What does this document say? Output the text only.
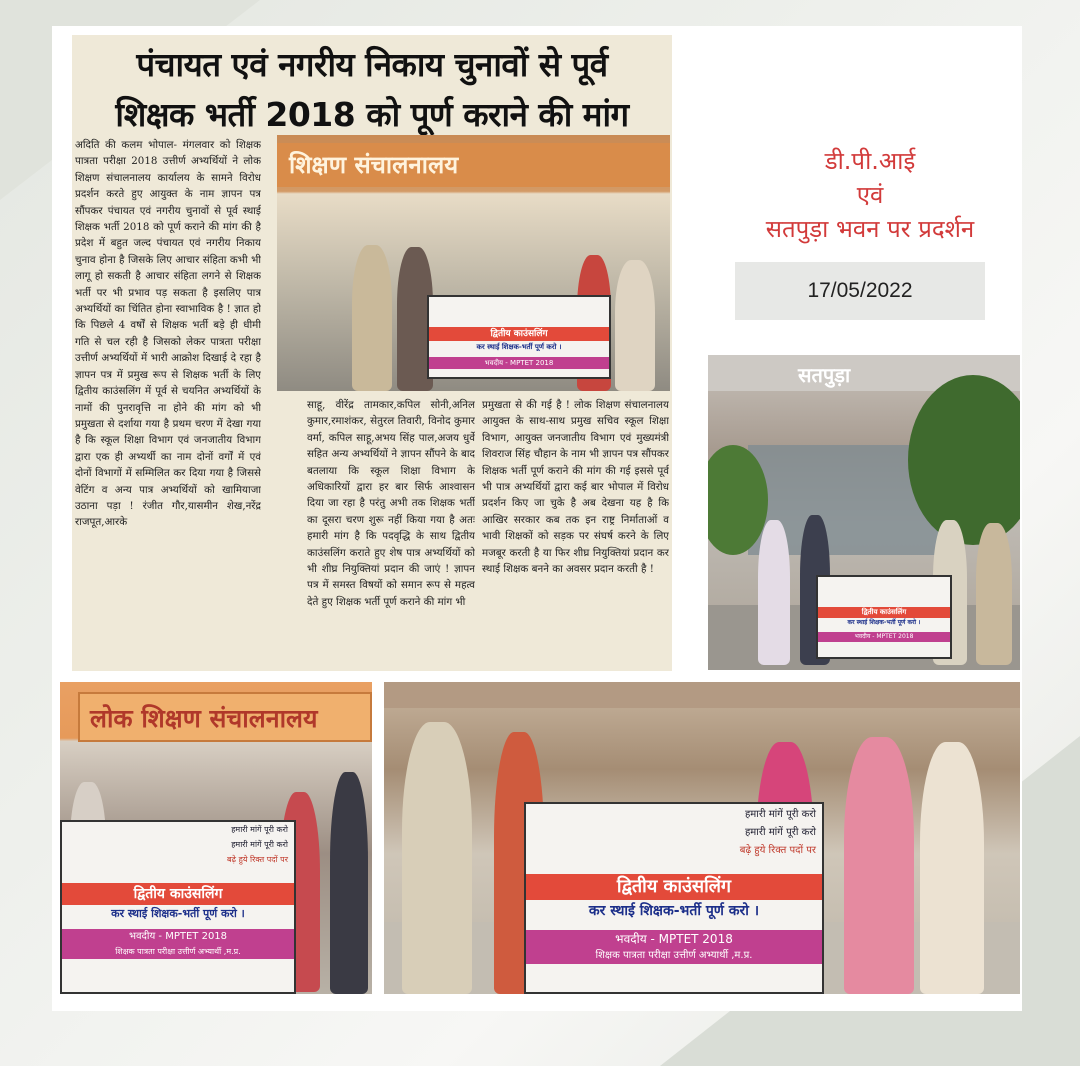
पंचायत एवं नगरीय निकाय चुनावों से पूर्व
शिक्षक भर्ती 2018 को पूर्ण कराने की मांग
अदिति की कलम भोपाल- मंगलवार को शिक्षक पात्रता परीक्षा 2018 उत्तीर्ण अभ्यर्थियों ने लोक शिक्षण संचालनालय कार्यालय के सामने विरोध प्रदर्शन करते हुए आयुक्त के नाम ज्ञापन पत्र सौंपकर पंचायत एवं नगरीय चुनावों से पूर्व स्थाई शिक्षक भर्ती 2018 को पूर्ण कराने की मांग की है प्रदेश में बहुत जल्द पंचायत एवं नगरीय निकाय चुनाव होना है जिसके लिए आचार संहिता कभी भी लागू हो सकती है आचार संहिता लगने से शिक्षक भर्ती पर भी प्रभाव पड़ सकता है इसलिए पात्र अभ्यर्थियों का चिंतित होना स्वाभाविक है ! ज्ञात हो कि पिछले 4 वर्षों से शिक्षक भर्ती बड़े ही धीमी गति से चल रही है जिसको लेकर पात्रता परीक्षा उत्तीर्ण अभ्यर्थियों में भारी आक्रोश दिखाई दे रहा है ज्ञापन पत्र में प्रमुख रूप से शिक्षक भर्ती के लिए द्वितीय काउंसलिंग में पूर्व से चयनित अभ्यर्थियों के नामों की पुनरावृत्ति ना होने की मांग को भी प्रमुखता से दर्शाया गया है प्रथम चरण में देखा गया है कि स्कूल शिक्षा विभाग एवं जनजातीय विभाग द्वारा एक ही अभ्यर्थी का नाम दोनों वर्गों में एवं दोनों विभागों में सम्मिलित कर दिया गया है जिससे वेटिंग व अन्य पात्र अभ्यर्थियों को खामियाजा उठाना पड़ा ! रंजीत गौर,यासमीन शेख,नरेंद्र राजपूत,आरके
शिक्षण संचालनालय
द्वितीय काउंसलिंग
कर स्थाई शिक्षक-भर्ती पूर्ण करो ।
भवदीय - MPTET 2018
साहू, वीरेंद्र तामकार,कपिल सोनी,अनिल कुमार,रमाशंकर, सेतुरल तिवारी, विनोद कुमार वर्मा, कपिल साहू,अभय सिंह पाल,अजय धुर्वे सहित अन्य अभ्यर्थियों ने ज्ञापन सौंपने के बाद बतलाया कि स्कूल शिक्षा विभाग के अधिकारियों द्वारा हर बार सिर्फ आश्वासन दिया जा रहा है परंतु अभी तक शिक्षक भर्ती का दूसरा चरण शुरू नहीं किया गया है अतः हमारी मांग है कि पदवृद्धि के साथ द्वितीय काउंसलिंग कराते हुए शेष पात्र अभ्यर्थियों को भी शीघ्र नियुक्तियां प्रदान की जाएं ! ज्ञापन पत्र में समस्त विषयों को समान रूप से महत्व देते हुए शिक्षक भर्ती पूर्ण कराने की मांग भी
प्रमुखता से की गई है ! लोक शिक्षण संचालनालय आयुक्त के साथ-साथ प्रमुख सचिव स्कूल शिक्षा विभाग, आयुक्त जनजातीय विभाग एवं मुख्यमंत्री शिवराज सिंह चौहान के नाम भी ज्ञापन पत्र सौंपकर शिक्षक भर्ती पूर्ण कराने की मांग की गई इससे पूर्व भी पात्र अभ्यर्थियों द्वारा कई बार भोपाल में विरोध प्रदर्शन किए जा चुके है अब देखना यह है कि आखिर सरकार कब तक इन राष्ट्र निर्माताओं व भावी शिक्षकों को सड़क पर संघर्ष करने के लिए मजबूर करती है या फिर शीघ्र नियुक्तियां प्रदान कर स्थाई शिक्षक बनने का अवसर प्रदान करती है !
डी.पी.आई
एवं
सतपुड़ा भवन पर प्रदर्शन
17/05/2022
सतपुड़ा
द्वितीय काउंसलिंग
कर स्थाई शिक्षक-भर्ती पूर्ण करो ।
भवदीय - MPTET 2018
लोक शिक्षण संचालनालय
हमारी मांगें पूरी करो
हमारी मांगें पूरी करो
बढ़े हुये रिक्त पदों पर
द्वितीय काउंसलिंग
कर स्थाई शिक्षक-भर्ती पूर्ण करो ।
भवदीय - MPTET 2018
शिक्षक पात्रता परीक्षा उत्तीर्ण अभ्यार्थी ,म.प्र.
हमारी मांगें पूरी करो
हमारी मांगें पूरी करो
बढ़े हुये रिक्त पदों पर
द्वितीय काउंसलिंग
कर स्थाई शिक्षक-भर्ती पूर्ण करो ।
भवदीय - MPTET 2018
शिक्षक पात्रता परीक्षा उत्तीर्ण अभ्यार्थी ,म.प्र.
